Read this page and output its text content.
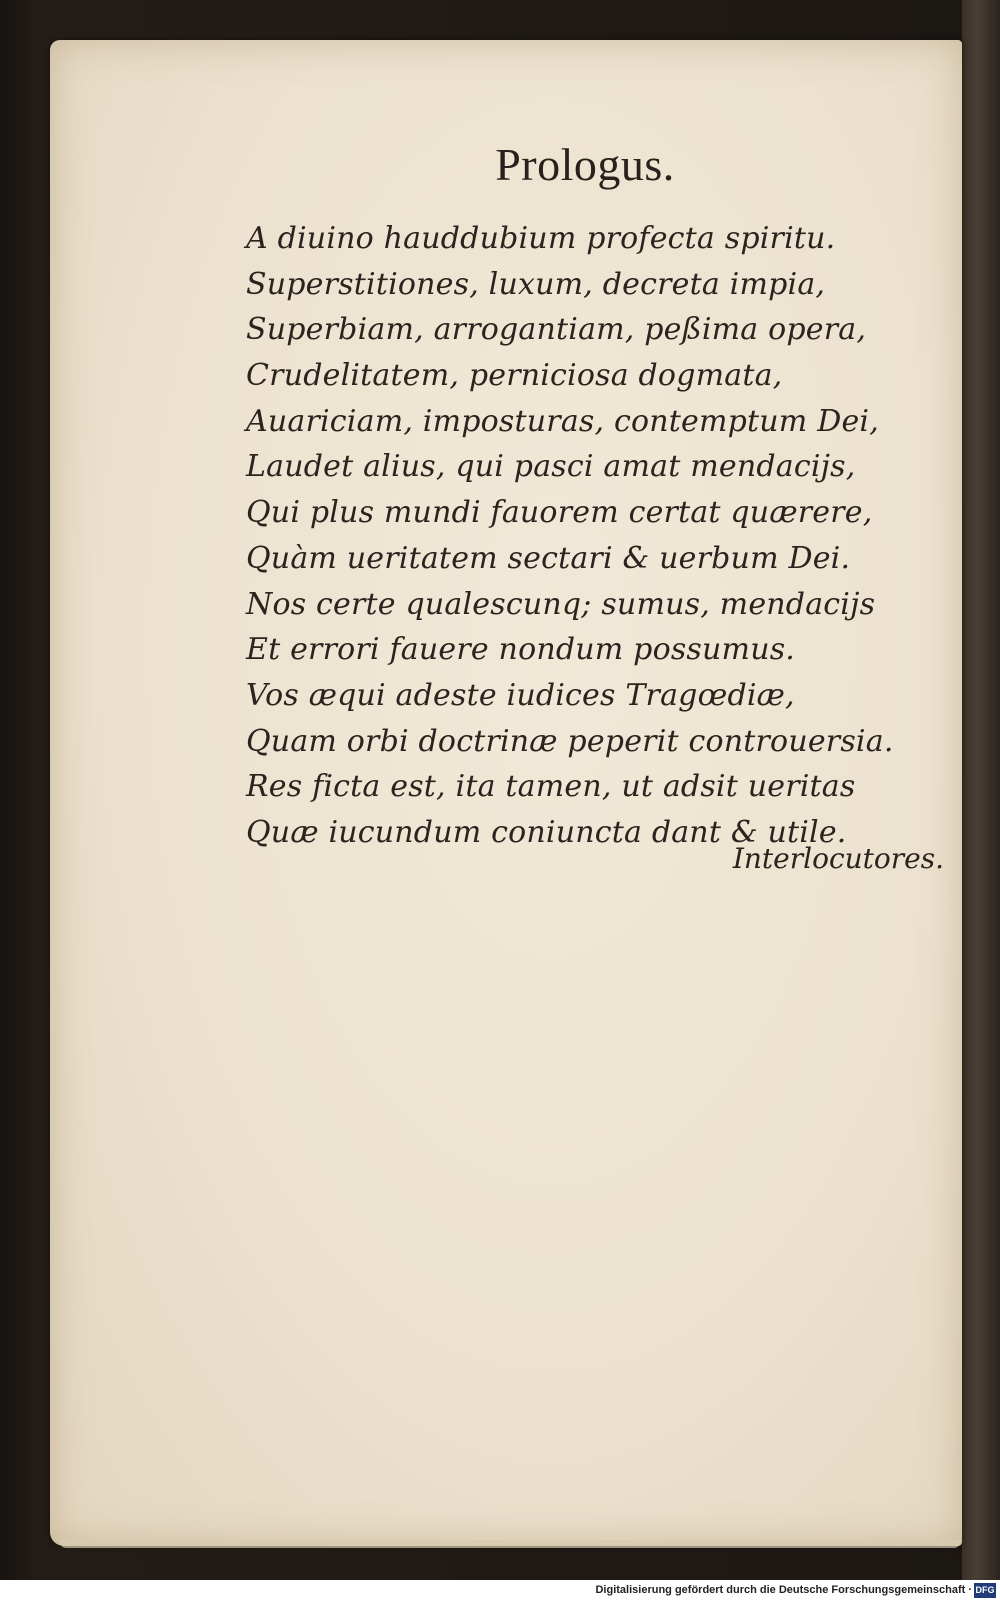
Prologus.
A diuino hauddubium profecta spiritu.
Superstitiones, luxum, decreta impia,
Superbiam, arrogantiam, peßima opera,
Crudelitatem, perniciosa dogmata,
Auariciam, imposturas, contemptum Dei,
Laudet alius, qui pasci amat mendacijs,
Qui plus mundi fauorem certat quærere,
Quàm ueritatem sectari & uerbum Dei.
Nos certe qualescunq; sumus, mendacijs
Et errori fauere nondum possumus.
Vos æqui adeste iudices Tragœdiæ,
Quam orbi doctrinæ peperit controuersia.
Res ficta est, ita tamen, ut adsit ueritas
Quæ iucundum coniuncta dant & utile.

Interlocutores.

Digitalisierung gefördert durch die Deutsche Forschungsgemeinschaft · DFG
